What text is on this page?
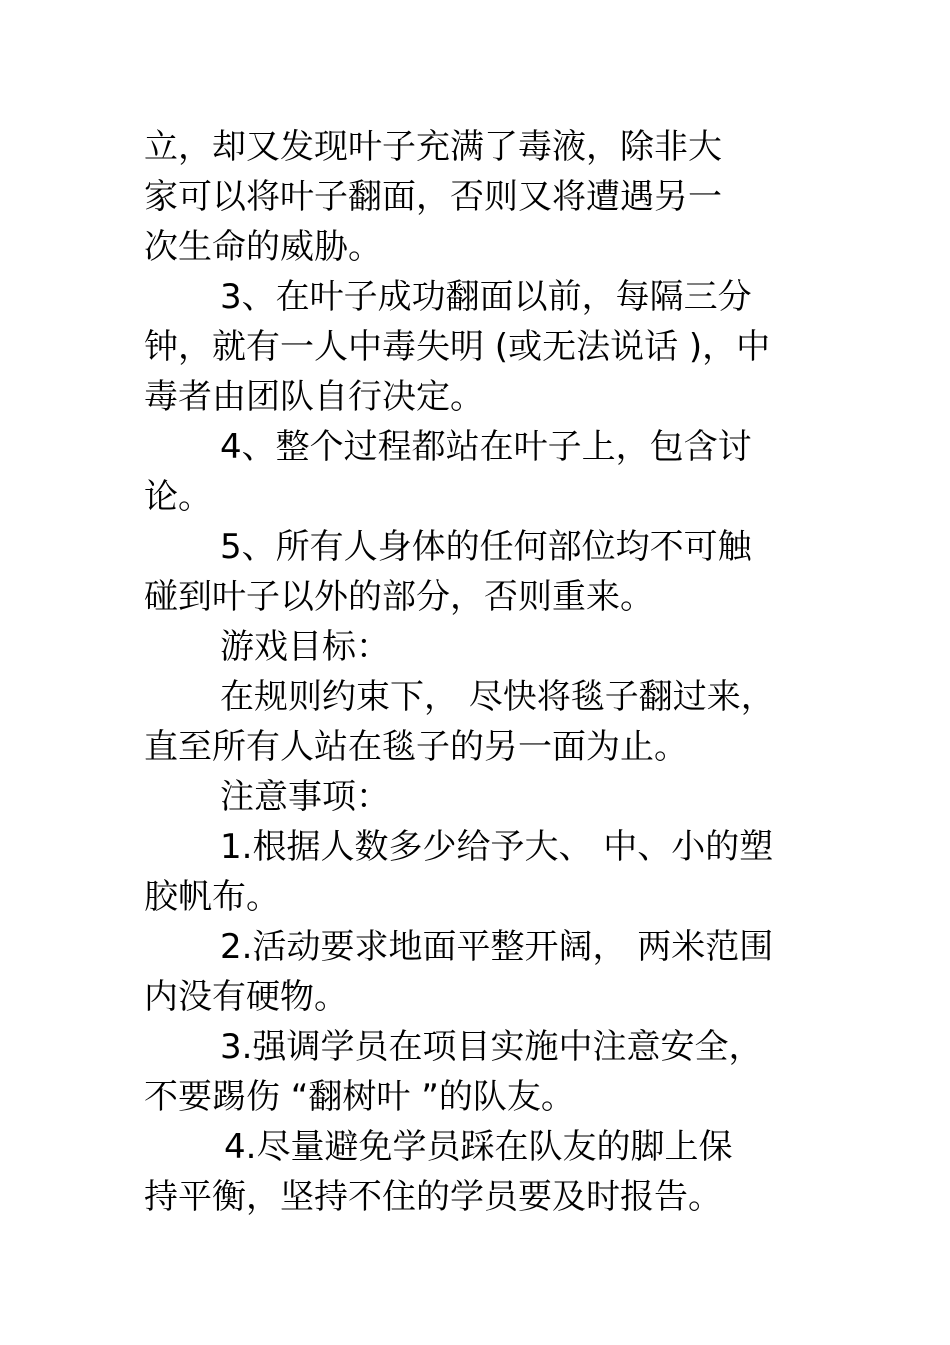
立，却又发现叶子充满了毒液，除非大
家可以将叶子翻面，否则又将遭遇另一
次生命的威胁。
3、在叶子成功翻面以前，每隔三分
钟，就有一人中毒失明 (或无法说话 )，中
毒者由团队自行决定。
4、整个过程都站在叶子上，包含讨
论。
5、所有人身体的任何部位均不可触
碰到叶子以外的部分，否则重来。
游戏目标：
在规则约束下， 尽快将毯子翻过来，
直至所有人站在毯子的另一面为止。
注意事项：
1.根据人数多少给予大、 中、小的塑
胶帆布。
2.活动要求地面平整开阔， 两米范围
内没有硬物。
3.强调学员在项目实施中注意安全，
不要踢伤 “翻树叶 ”的队友。
4.尽量避免学员踩在队友的脚上保
持平衡，坚持不住的学员要及时报告。
